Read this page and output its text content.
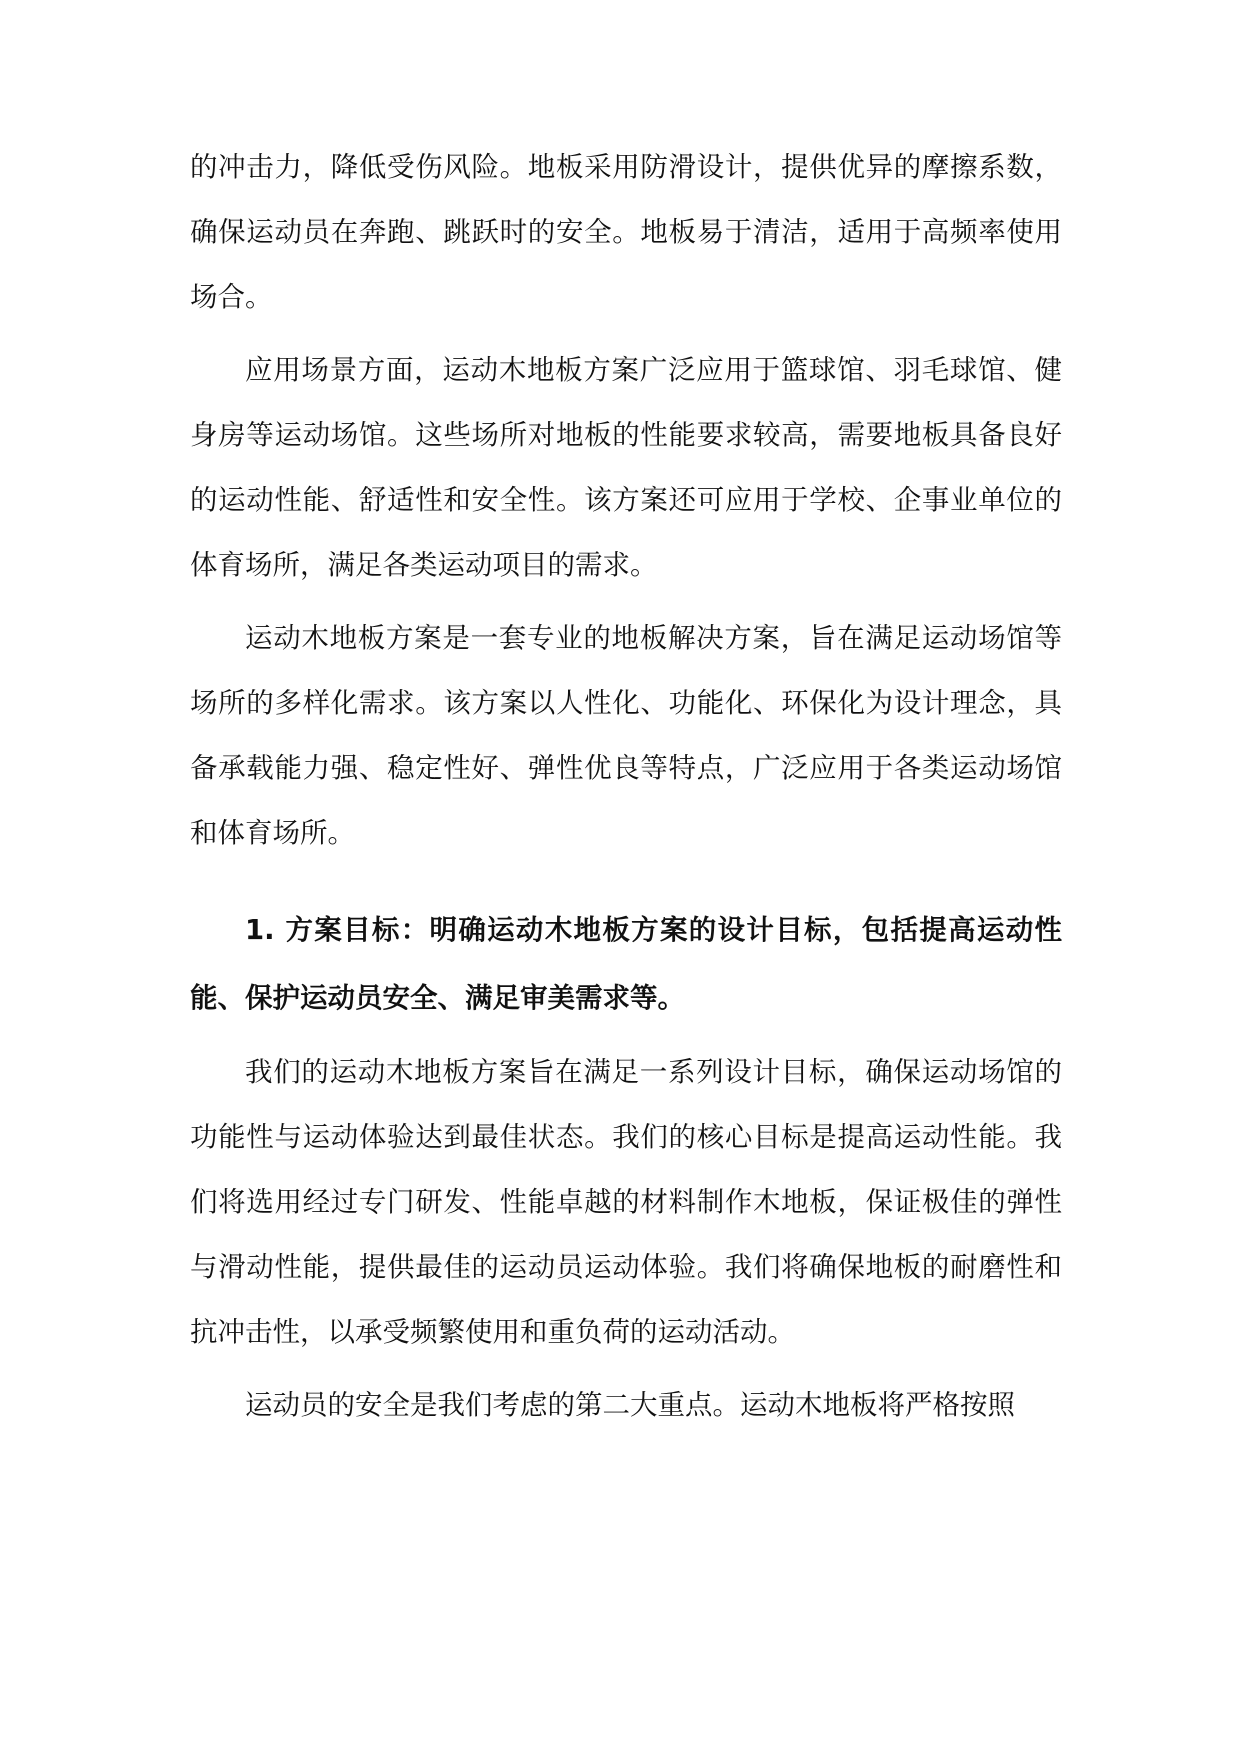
的冲击力，降低受伤风险。地板采用防滑设计，提供优异的摩擦系数，确保运动员在奔跑、跳跃时的安全。地板易于清洁，适用于高频率使用场合。

应用场景方面，运动木地板方案广泛应用于篮球馆、羽毛球馆、健身房等运动场馆。这些场所对地板的性能要求较高，需要地板具备良好的运动性能、舒适性和安全性。该方案还可应用于学校、企事业单位的体育场所，满足各类运动项目的需求。

运动木地板方案是一套专业的地板解决方案，旨在满足运动场馆等场所的多样化需求。该方案以人性化、功能化、环保化为设计理念，具备承载能力强、稳定性好、弹性优良等特点，广泛应用于各类运动场馆和体育场所。

1. 方案目标：明确运动木地板方案的设计目标，包括提高运动性能、保护运动员安全、满足审美需求等。

我们的运动木地板方案旨在满足一系列设计目标，确保运动场馆的功能性与运动体验达到最佳状态。我们的核心目标是提高运动性能。我们将选用经过专门研发、性能卓越的材料制作木地板，保证极佳的弹性与滑动性能，提供最佳的运动员运动体验。我们将确保地板的耐磨性和抗冲击性，以承受频繁使用和重负荷的运动活动。

运动员的安全是我们考虑的第二大重点。运动木地板将严格按照
